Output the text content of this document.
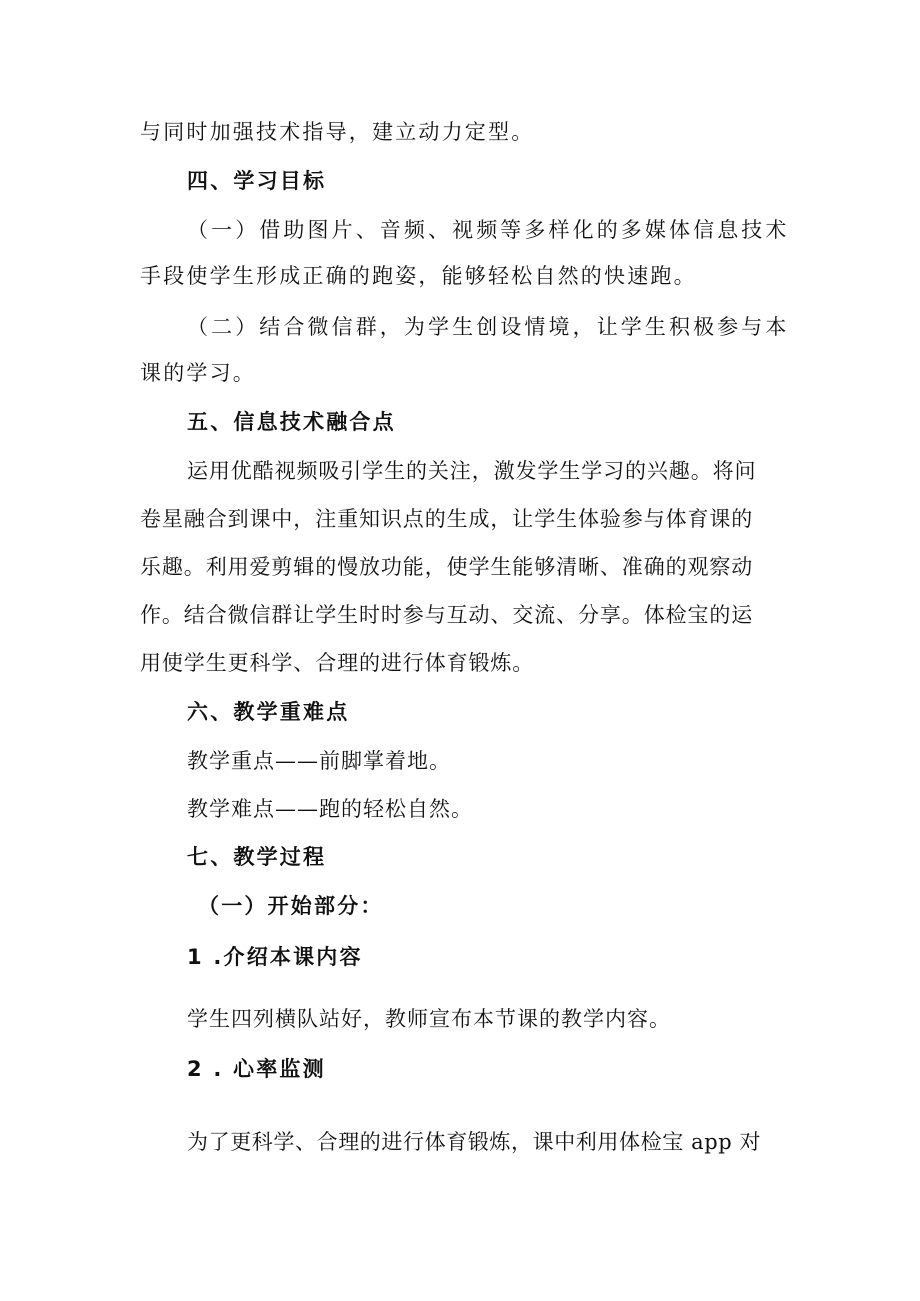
与同时加强技术指导，建立动力定型。
四、学习目标
（一）借助图片、音频、视频等多样化的多媒体信息技术
手段使学生形成正确的跑姿，能够轻松自然的快速跑。
（二）结合微信群，为学生创设情境，让学生积极参与本
课的学习。
五、信息技术融合点
运用优酷视频吸引学生的关注，激发学生学习的兴趣。将问
卷星融合到课中，注重知识点的生成，让学生体验参与体育课的
乐趣。利用爱剪辑的慢放功能，使学生能够清晰、准确的观察动
作。结合微信群让学生时时参与互动、交流、分享。体检宝的运
用使学生更科学、合理的进行体育锻炼。
六、教学重难点
教学重点——前脚掌着地。
教学难点——跑的轻松自然。
七、教学过程
（一）开始部分：
1 .介绍本课内容
学生四列横队站好，教师宣布本节课的教学内容。
2 . 心率监测
为了更科学、合理的进行体育锻炼，课中利用体检宝 app 对
